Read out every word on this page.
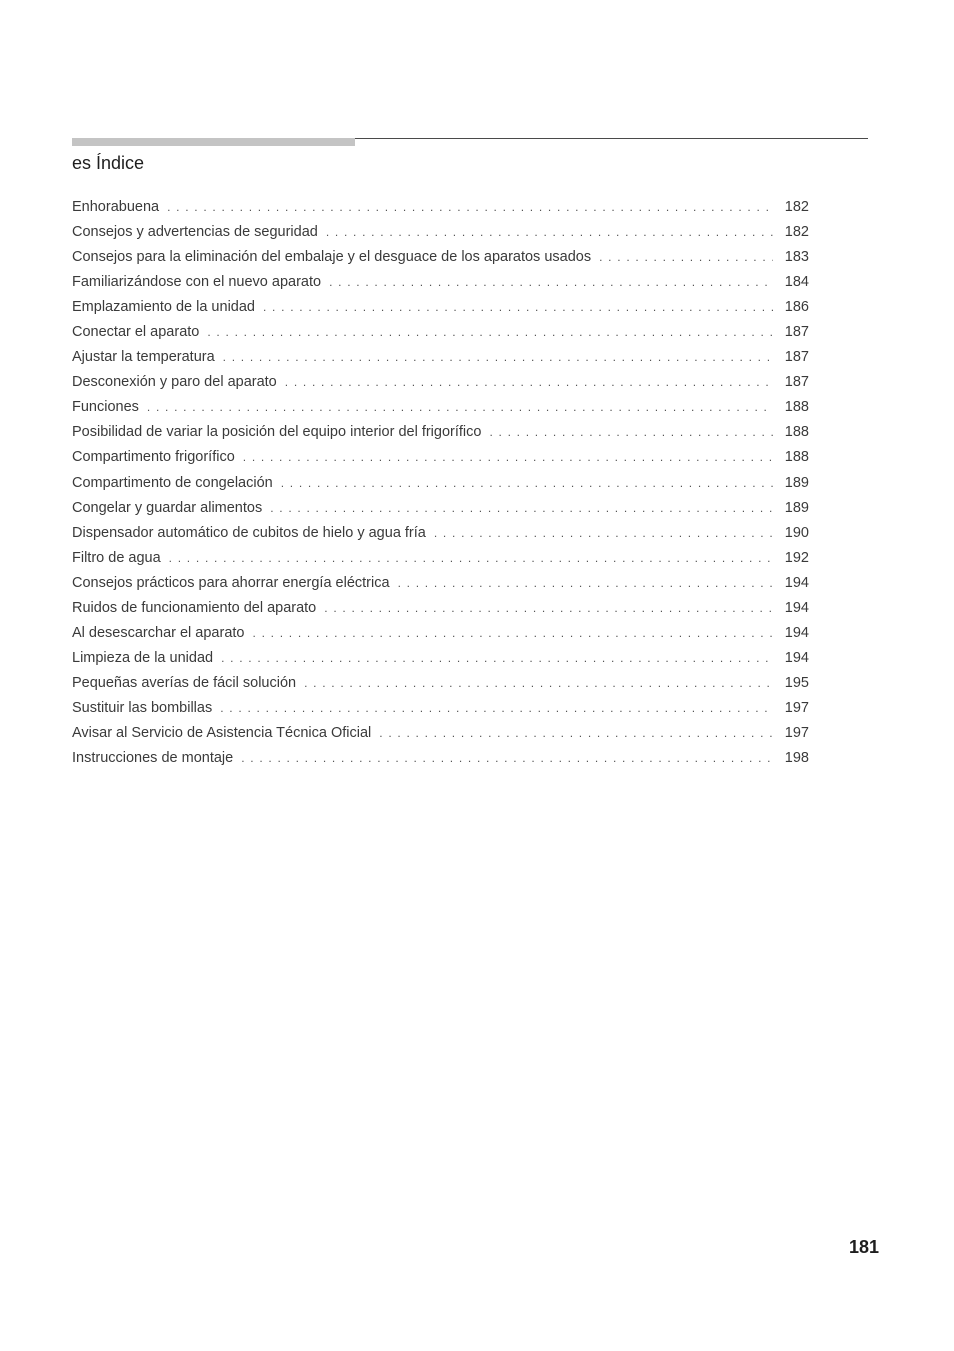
es Índice
Enhorabuena . . .	182
Consejos y advertencias de seguridad . . .	182
Consejos para la eliminación del embalaje y el desguace de los aparatos usados . . .	183
Familiarizándose con el nuevo aparato . . .	184
Emplazamiento de la unidad . . .	186
Conectar el aparato . . .	187
Ajustar la temperatura . . .	187
Desconexión y paro del aparato . . .	187
Funciones . . .	188
Posibilidad de variar la posición del equipo interior del frigorífico . . .	188
Compartimento frigorífico . . .	188
Compartimento de congelación . . .	189
Congelar y guardar alimentos . . .	189
Dispensador automático de cubitos de hielo y agua fría . . .	190
Filtro de agua . . .	192
Consejos prácticos para ahorrar energía eléctrica . . .	194
Ruidos de funcionamiento del aparato . . .	194
Al desescarchar el aparato . . .	194
Limpieza de la unidad . . .	194
Pequeñas averías de fácil solución . . .	195
Sustituir las bombillas . . .	197
Avisar al Servicio de Asistencia Técnica Oficial . . .	197
Instrucciones de montaje . . .	198
181
